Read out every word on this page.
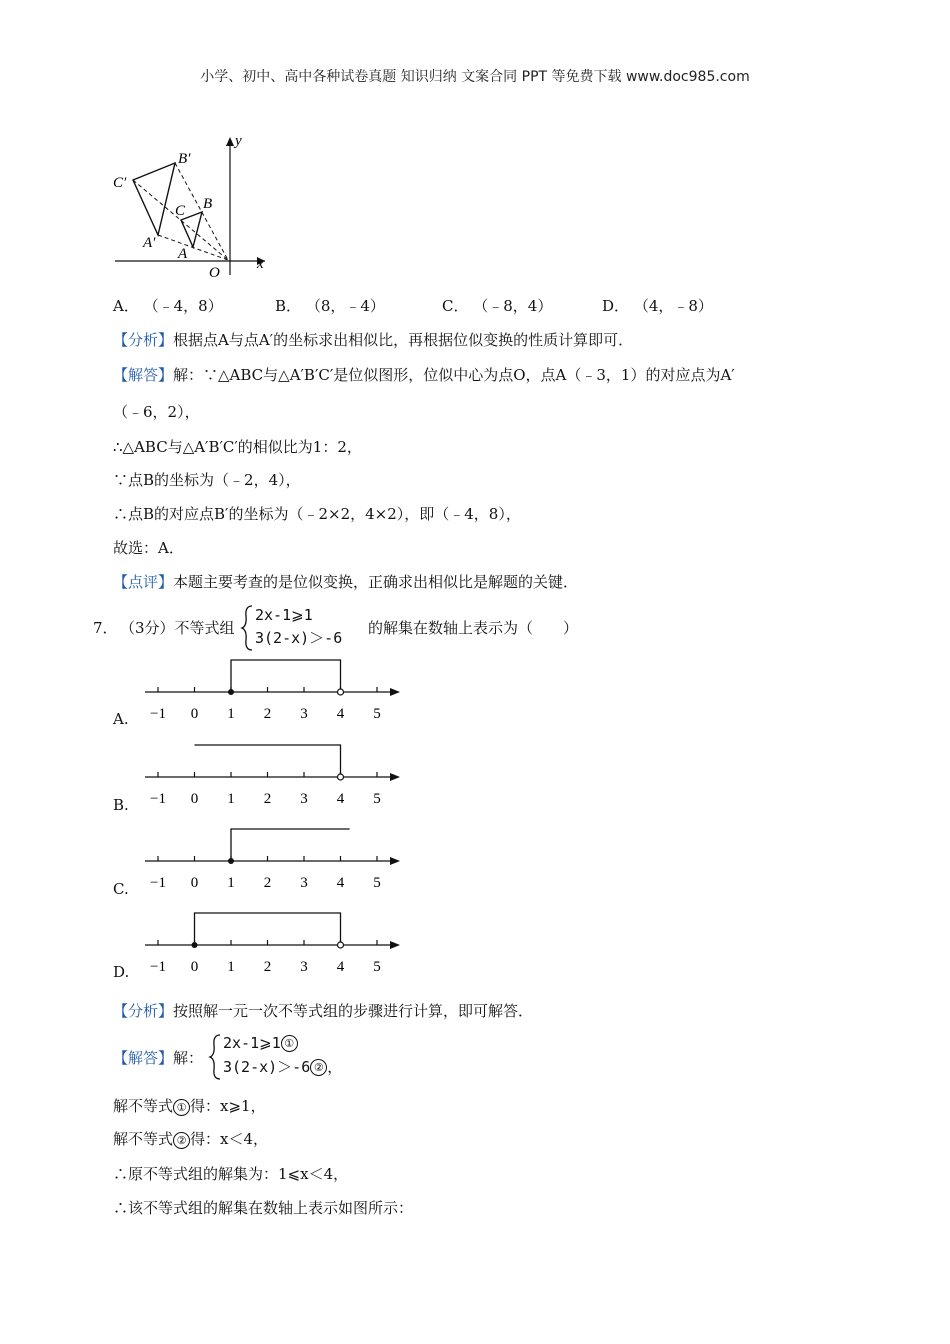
小学、初中、高中各种试卷真题 知识归纳 文案合同 PPT 等免费下载 www.doc985.com
C′
B′
C B
A′
A
O
x
y
A． （﹣4，8）	B． （8，﹣4）	C． （﹣8，4）	D． （4，﹣8）
【分析】根据点A与点A′的坐标求出相似比，再根据位似变换的性质计算即可．
【解答】解：∵△ABC与△A′B′C′是位似图形，位似中心为点O，点A（﹣3，1）的对应点为A′
（﹣6，2），
∴△ABC与△A′B′C′的相似比为1：2，
∵点B的坐标为（﹣2，4），
∴点B的对应点B′的坐标为（﹣2×2，4×2），即（﹣4，8），
故选：A．
【点评】本题主要考查的是位似变换，正确求出相似比是解题的关键．
7． （3分）不等式组
2x-1⩾1
3(2-x)＞-6
的解集在数轴上表示为（　　）
−1 0 1 2 3 4 5
A.
−1 0 1 2 3 4 5
B.
−1 0 1 2 3 4 5
C.
−1 0 1 2 3 4 5
D.
【分析】按照解一元一次不等式组的步骤进行计算，即可解答．
【解答】解：
2x-1⩾1 ①
3(2-x)＞-6 ② ，
解不等式 ① 得：x⩾1，
解不等式 ② 得：x＜4，
∴原不等式组的解集为：1⩽x＜4，
∴该不等式组的解集在数轴上表示如图所示：
